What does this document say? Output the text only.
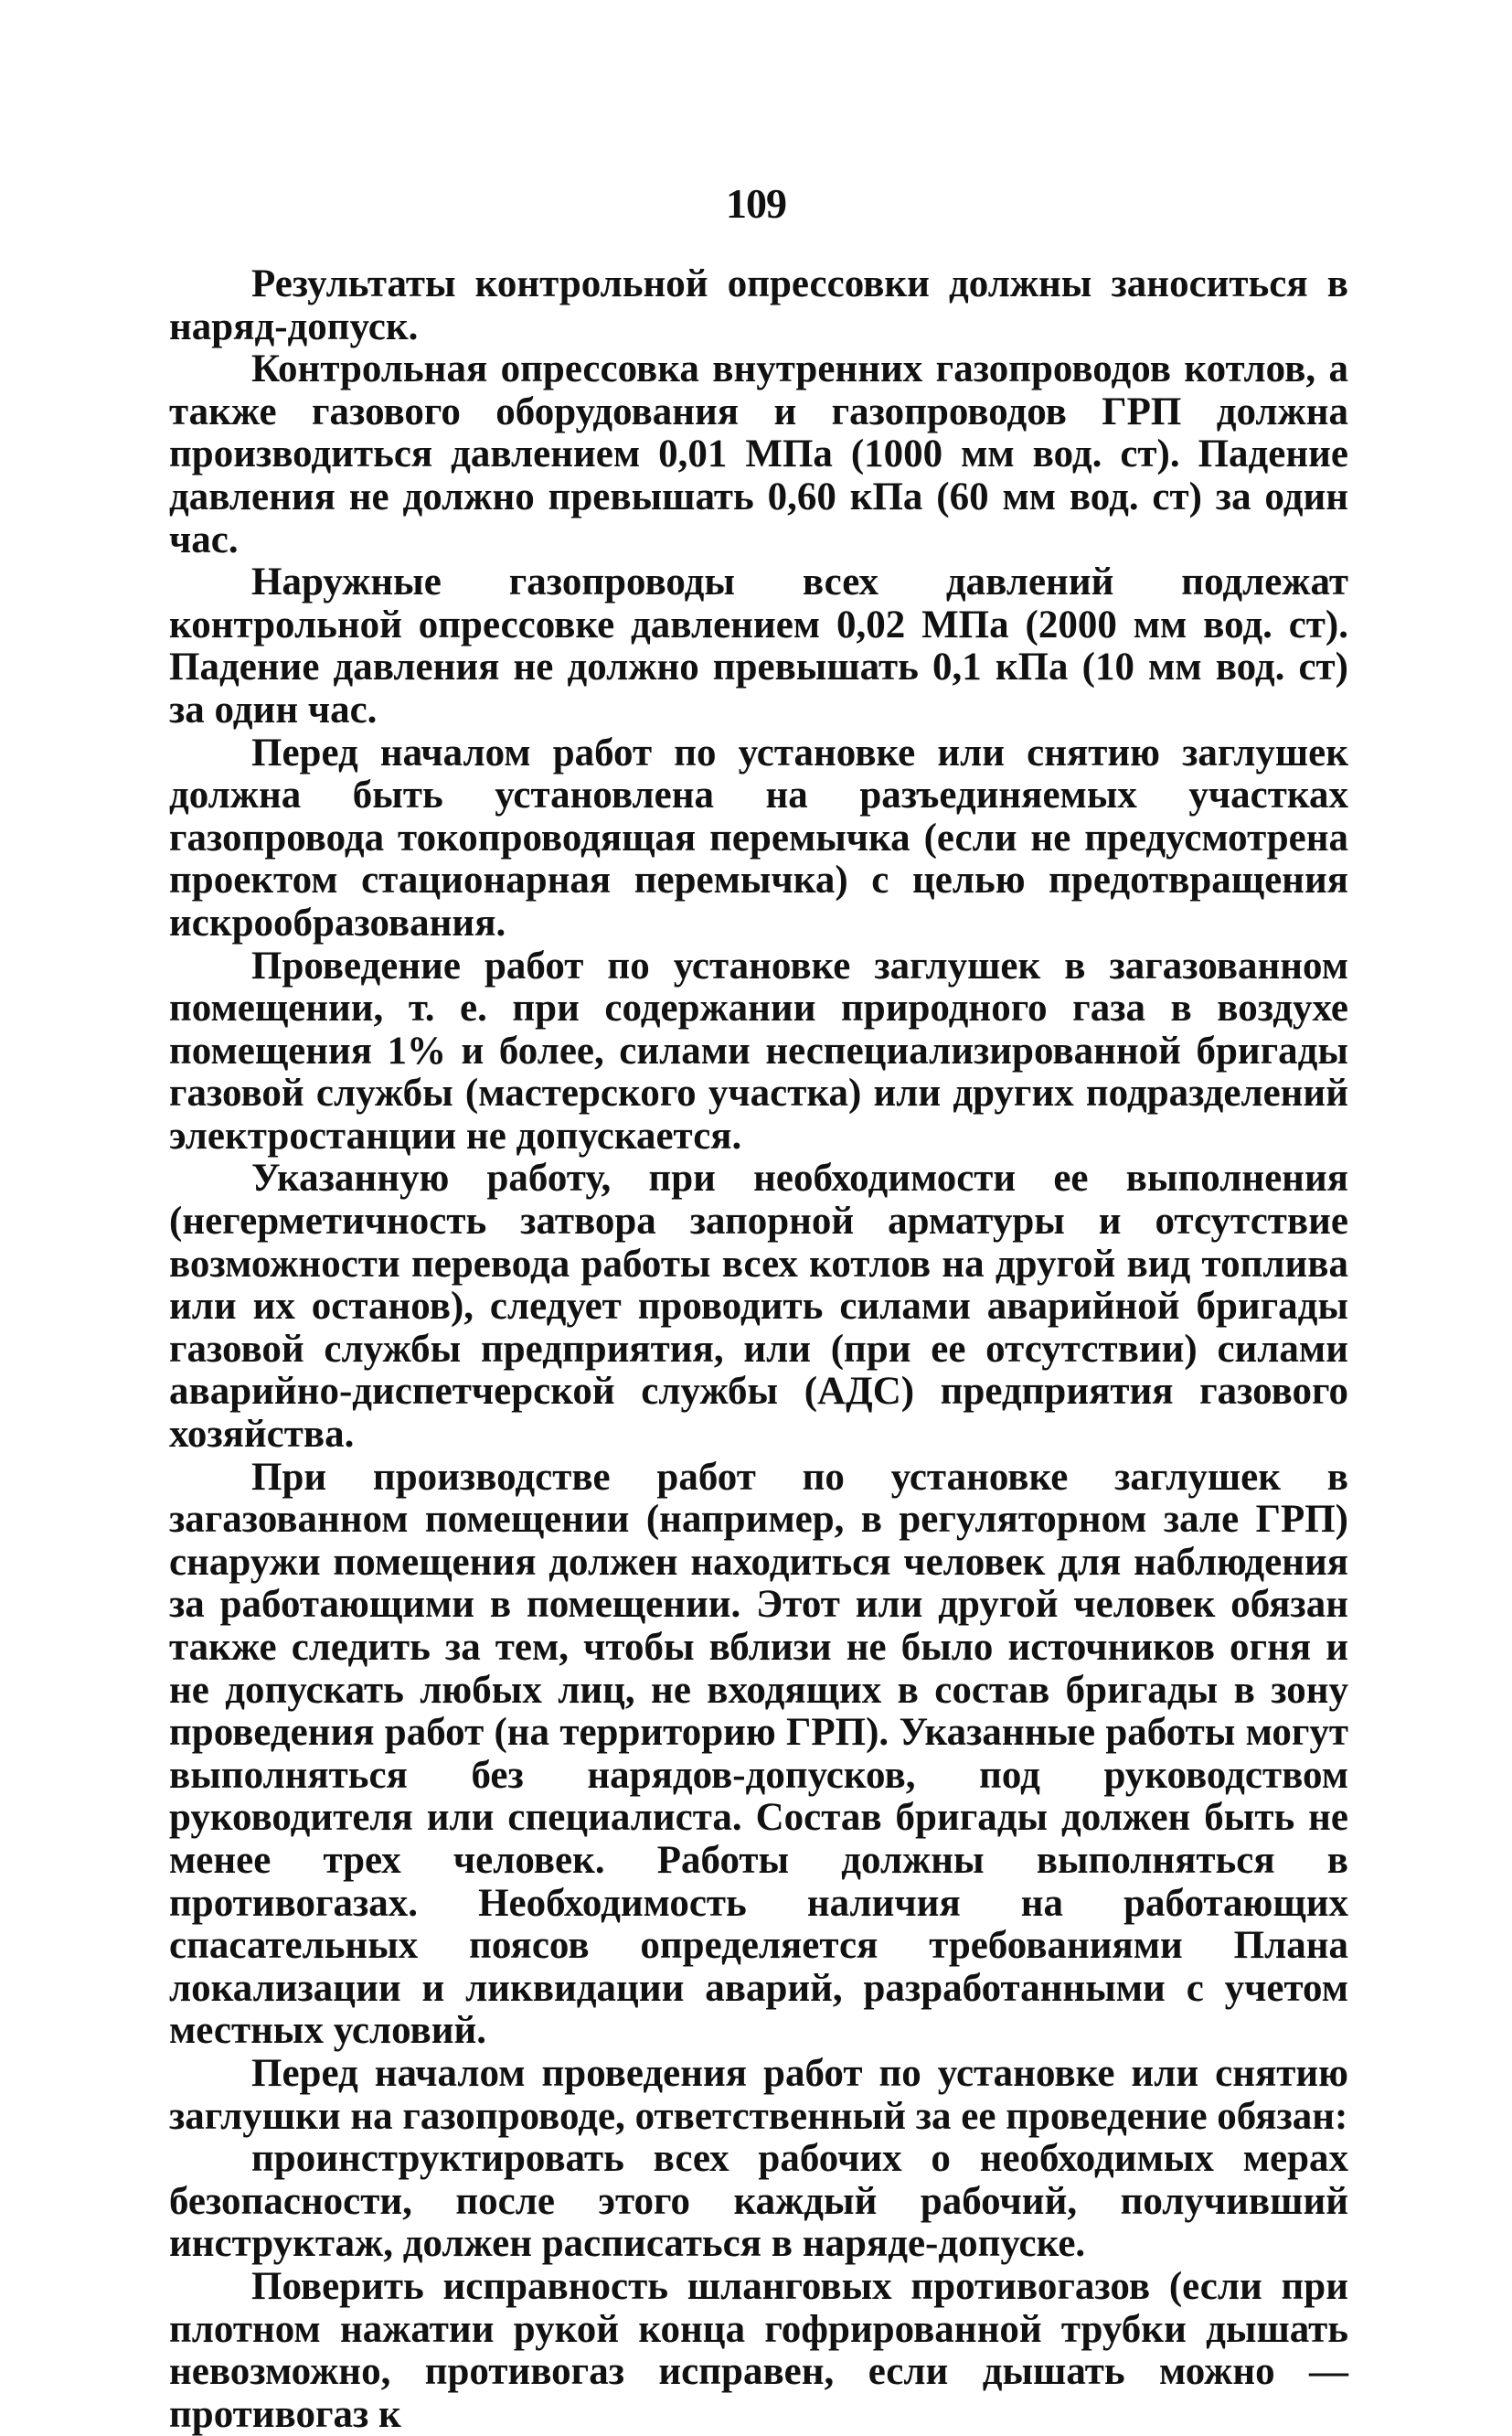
109

Результаты контрольной опрессовки должны заноситься в наряд-допуск.

Контрольная опрессовка внутренних газопроводов котлов, а также газового оборудования и газопроводов ГРП должна производиться давлением 0,01 МПа (1000 мм вод. ст). Падение давления не должно превышать 0,60 кПа (60 мм вод. ст) за один час.

Наружные газопроводы всех давлений подлежат контрольной опрессовке давлением 0,02 МПа (2000 мм вод. ст). Падение давления не должно превышать 0,1 кПа (10 мм вод. ст) за один час.

Перед началом работ по установке или снятию заглушек должна быть установлена на разъединяемых участках газопровода токопроводящая перемычка (если не предусмотрена проектом стационарная перемычка) с целью предотвращения искрообразования.

Проведение работ по установке заглушек в загазованном помещении, т. е. при содержании природного газа в воздухе помещения 1% и более, силами неспециализированной бригады газовой службы (мастерского участка) или других подразделений электростанции не допускается.

Указанную работу, при необходимости ее выполнения (негерметичность затвора запорной арматуры и отсутствие возможности перевода работы всех котлов на другой вид топлива или их останов), следует проводить силами аварийной бригады газовой службы предприятия, или (при ее отсутствии) силами аварийно-диспетчерской службы (АДС) предприятия газового хозяйства.

При производстве работ по установке заглушек в загазованном помещении (например, в регуляторном зале ГРП) снаружи помещения должен находиться человек для наблюдения за работающими в помещении. Этот или другой человек обязан также следить за тем, чтобы вблизи не было источников огня и не допускать любых лиц, не входящих в состав бригады в зону проведения работ (на территорию ГРП). Указанные работы могут выполняться без нарядов-допусков, под руководством руководителя или специалиста. Состав бригады должен быть не менее трех человек. Работы должны выполняться в противогазах. Необходимость наличия на работающих спасательных поясов определяется требованиями Плана локализации и ликвидации аварий, разработанными с учетом местных условий.

Перед началом проведения работ по установке или снятию заглушки на газопроводе, ответственный за ее проведение обязан:

проинструктировать всех рабочих о необходимых мерах безопасности, после этого каждый рабочий, получивший инструктаж, должен расписаться в наряде-допуске.

Поверить исправность шланговых противогазов (если при плотном нажатии рукой конца гофрированной трубки дышать невозможно, противогаз исправен, если дышать можно — противогаз к
